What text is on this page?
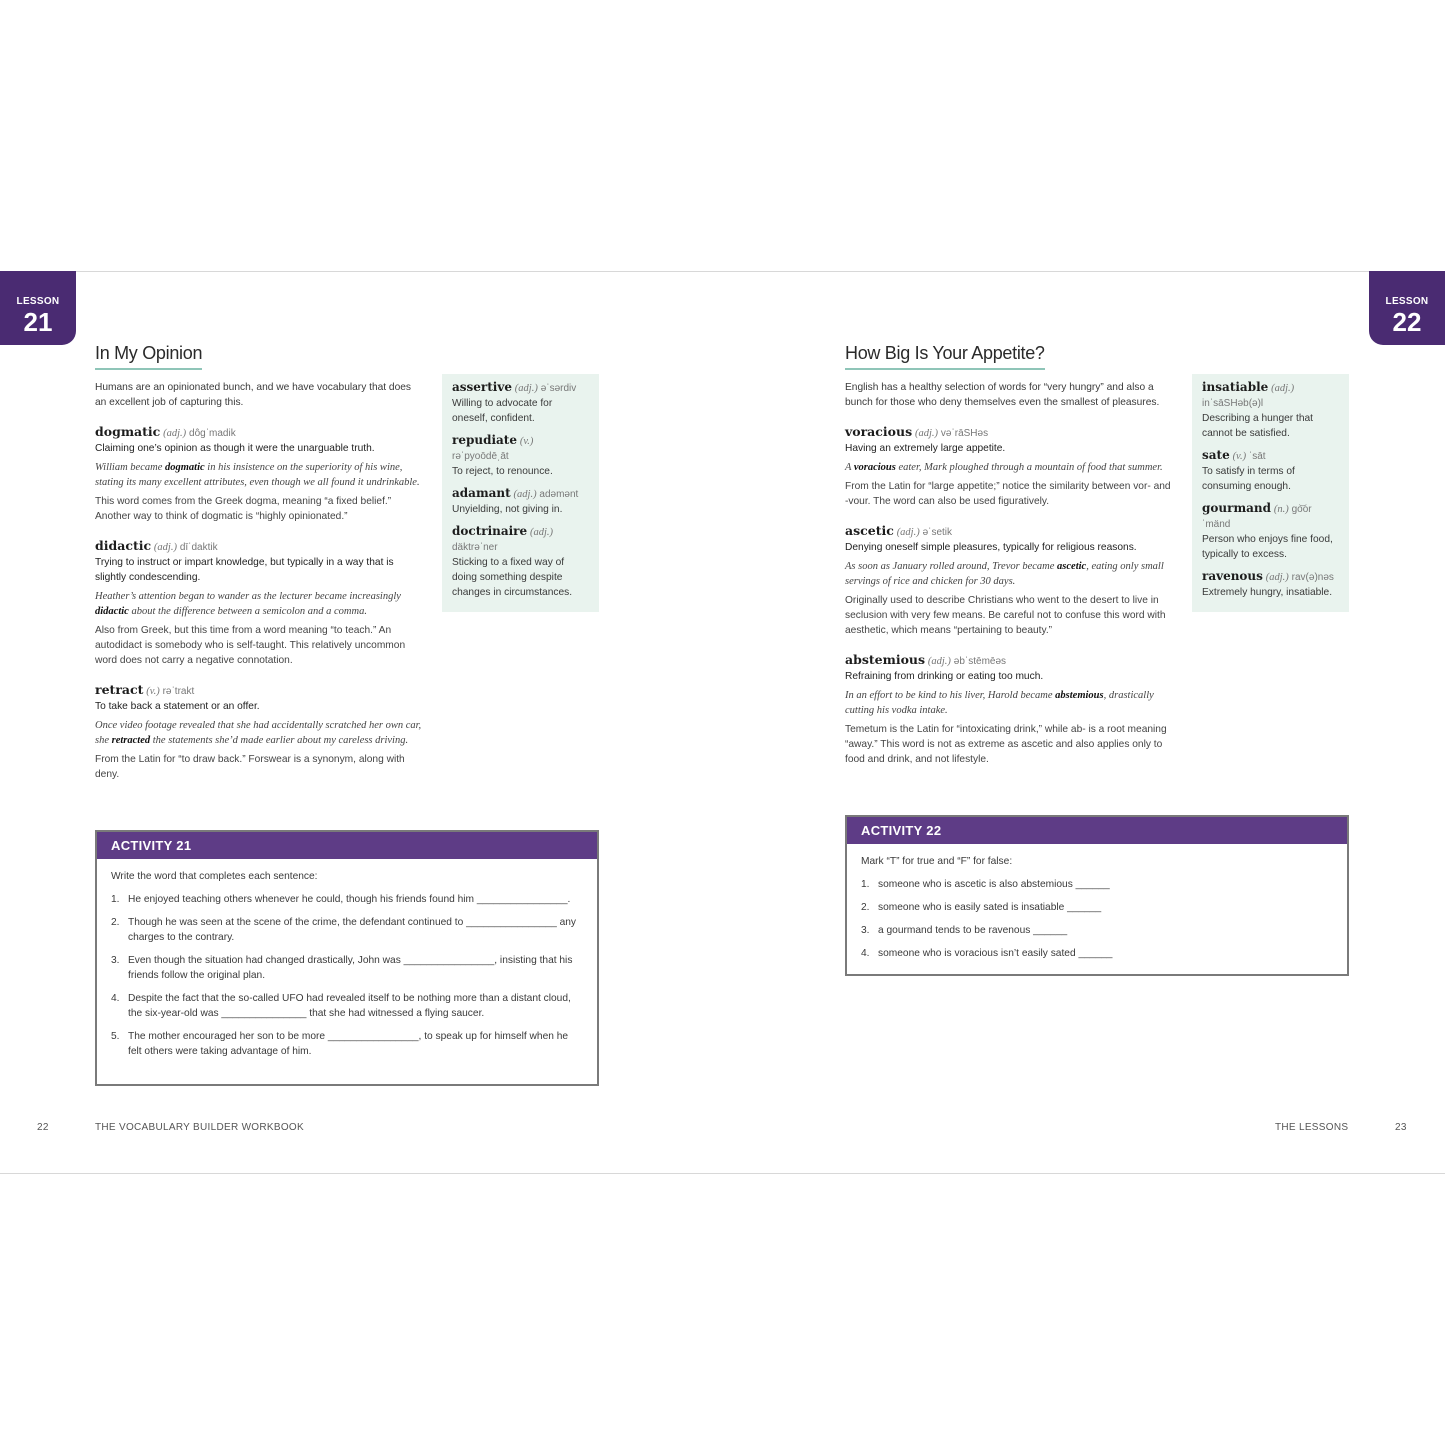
LESSON
21
In My Opinion

Humans are an opinionated bunch, and we have vocabulary that does an excellent job of capturing this.

dogmatic (adj.) dôgˈmadik
Claiming one’s opinion as though it were the unarguable truth.
William became dogmatic in his insistence on the superiority of his wine, stating its many excellent attributes, even though we all found it undrinkable.
This word comes from the Greek dogma, meaning “a fixed belief.” Another way to think of dogmatic is “highly opinionated.”
didactic (adj.) dīˈdaktik
Trying to instruct or impart knowledge, but typically in a way that is slightly condescending.
Heather’s attention began to wander as the lecturer became increasingly didactic about the difference between a semicolon and a comma.
Also from Greek, but this time from a word meaning “to teach.” An autodidact is somebody who is self-taught. This relatively uncommon word does not carry a negative connotation.
retract (v.) rəˈtrakt
To take back a statement or an offer.
Once video footage revealed that she had accidentally scratched her own car, she retracted the statements she’d made earlier about my careless driving.
From the Latin for “to draw back.” Forswear is a synonym, along with deny.
assertive (adj.) əˈsərdiv
Willing to advocate for oneself, confident.
repudiate (v.)
rəˈpyoōdēˌāt
To reject, to renounce.
adamant (adj.) adəmənt
Unyielding, not giving in.
doctrinaire (adj.)
däktrəˈner
Sticking to a fixed way of doing something despite changes in circumstances.
ACTIVITY 21
Write the word that completes each sentence:
1. He enjoyed teaching others whenever he could, though his friends found him ________________.
2. Though he was seen at the scene of the crime, the defendant continued to ________________ any charges to the contrary.
3. Even though the situation had changed drastically, John was ________________, insisting that his friends follow the original plan.
4. Despite the fact that the so-called UFO had revealed itself to be nothing more than a distant cloud, the six-year-old was _______________ that she had witnessed a flying saucer.
5. The mother encouraged her son to be more ________________, to speak up for himself when he felt others were taking advantage of him.
22	THE VOCABULARY BUILDER WORKBOOK
LESSON
22
How Big Is Your Appetite?

English has a healthy selection of words for “very hungry” and also a bunch for those who deny themselves even the smallest of pleasures.

voracious (adj.) vəˈrāSHəs
Having an extremely large appetite.
A voracious eater, Mark ploughed through a mountain of food that summer.
From the Latin for “large appetite;” notice the similarity between vor- and -vour. The word can also be used figuratively.
ascetic (adj.) əˈsetik
Denying oneself simple pleasures, typically for religious reasons.
As soon as January rolled around, Trevor became ascetic, eating only small servings of rice and chicken for 30 days.
Originally used to describe Christians who went to the desert to live in seclusion with very few means. Be careful not to confuse this word with aesthetic, which means “pertaining to beauty.”
abstemious (adj.) əbˈstēmēəs
Refraining from drinking or eating too much.
In an effort to be kind to his liver, Harold became abstemious, drastically cutting his vodka intake.
Temetum is the Latin for “intoxicating drink,” while ab- is a root meaning “away.” This word is not as extreme as ascetic and also applies only to food and drink, and not lifestyle.
insatiable (adj.)
inˈsāSHəb(ə)l
Describing a hunger that cannot be satisfied.
sate (v.) ˈsāt
To satisfy in terms of consuming enough.
gourmand (n.) go͝orˈmänd
Person who enjoys fine food, typically to excess.
ravenous (adj.) rav(ə)nəs
Extremely hungry, insatiable.
ACTIVITY 22
Mark “T” for true and “F” for false:
1. someone who is ascetic is also abstemious ______
2. someone who is easily sated is insatiable ______
3. a gourmand tends to be ravenous ______
4. someone who is voracious isn’t easily sated ______
THE LESSONS	23
